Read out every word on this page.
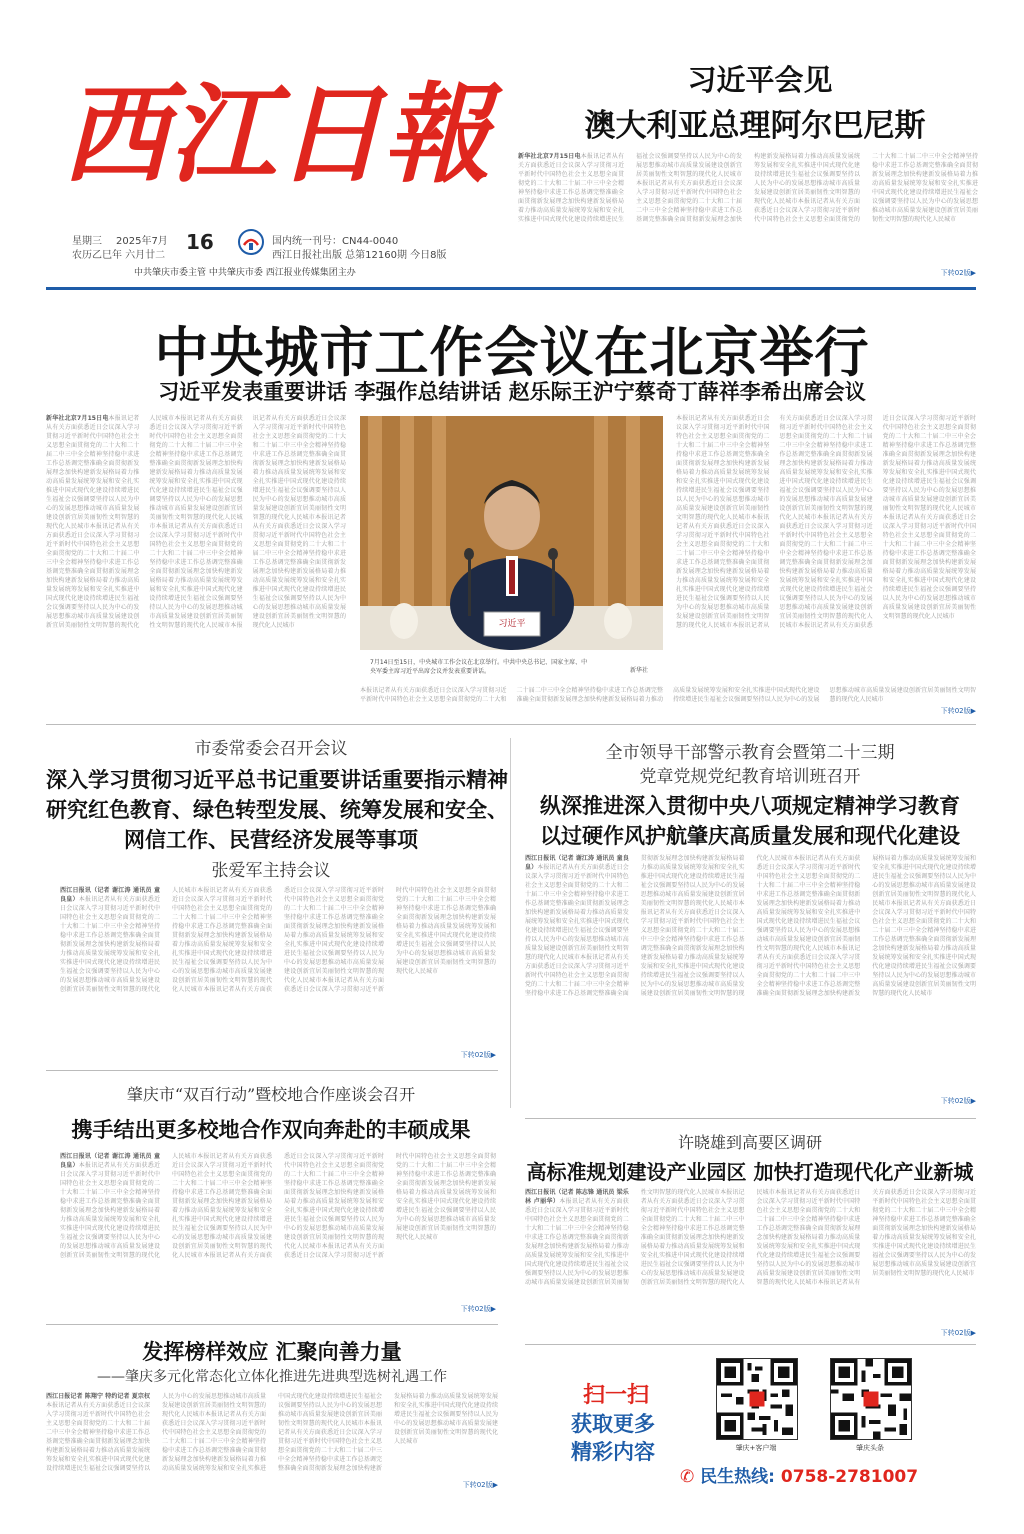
西江日報
星期三 2025年7月
农历乙巳年 六月廿二
16	国内统一刊号：CN44-0040
西江日报社出版 总第12160期 今日8版
中共肇庆市委主管 中共肇庆市委 西江报业传媒集团主办
习近平会见
澳大利亚总理阿尔巴尼斯
新华社北京7月15日电本报讯记者从有关方面获悉近日会议深入学习贯彻习近平新时代中国特色社会主义思想全面贯彻党的二十大和二十届二中三中全会精神坚持稳中求进工作总基调完整准确全面贯彻新发展理念加快构建新发展格局着力推动高质量发展统筹发展和安全扎实推进中国式现代化建设持续增进民生福祉会议强调要坚持以人民为中心的发展思想推动城市高质量发展建设创新宜居美丽韧性文明智慧的现代化人民城市本报讯记者从有关方面获悉近日会议深入学习贯彻习近平新时代中国特色社会主义思想全面贯彻党的二十大和二十届二中三中全会精神坚持稳中求进工作总基调完整准确全面贯彻新发展理念加快构建新发展格局着力推动高质量发展统筹发展和安全扎实推进中国式现代化建设持续增进民生福祉会议强调要坚持以人民为中心的发展思想推动城市高质量发展建设创新宜居美丽韧性文明智慧的现代化人民城市本报讯记者从有关方面获悉近日会议深入学习贯彻习近平新时代中国特色社会主义思想全面贯彻党的二十大和二十届二中三中全会精神坚持稳中求进工作总基调完整准确全面贯彻新发展理念加快构建新发展格局着力推动高质量发展统筹发展和安全扎实推进中国式现代化建设持续增进民生福祉会议强调要坚持以人民为中心的发展思想推动城市高质量发展建设创新宜居美丽韧性文明智慧的现代化人民城市
下转02版▶
中央城市工作会议在北京举行
习近平发表重要讲话 李强作总结讲话 赵乐际王沪宁蔡奇丁薛祥李希出席会议
新华社北京7月15日电本报讯记者从有关方面获悉近日会议深入学习贯彻习近平新时代中国特色社会主义思想全面贯彻党的二十大和二十届二中三中全会精神坚持稳中求进工作总基调完整准确全面贯彻新发展理念加快构建新发展格局着力推动高质量发展统筹发展和安全扎实推进中国式现代化建设持续增进民生福祉会议强调要坚持以人民为中心的发展思想推动城市高质量发展建设创新宜居美丽韧性文明智慧的现代化人民城市本报讯记者从有关方面获悉近日会议深入学习贯彻习近平新时代中国特色社会主义思想全面贯彻党的二十大和二十届二中三中全会精神坚持稳中求进工作总基调完整准确全面贯彻新发展理念加快构建新发展格局着力推动高质量发展统筹发展和安全扎实推进中国式现代化建设持续增进民生福祉会议强调要坚持以人民为中心的发展思想推动城市高质量发展建设创新宜居美丽韧性文明智慧的现代化人民城市本报讯记者从有关方面获悉近日会议深入学习贯彻习近平新时代中国特色社会主义思想全面贯彻党的二十大和二十届二中三中全会精神坚持稳中求进工作总基调完整准确全面贯彻新发展理念加快构建新发展格局着力推动高质量发展统筹发展和安全扎实推进中国式现代化建设持续增进民生福祉会议强调要坚持以人民为中心的发展思想推动城市高质量发展建设创新宜居美丽韧性文明智慧的现代化人民城市本报讯记者从有关方面获悉近日会议深入学习贯彻习近平新时代中国特色社会主义思想全面贯彻党的二十大和二十届二中三中全会精神坚持稳中求进工作总基调完整准确全面贯彻新发展理念加快构建新发展格局着力推动高质量发展统筹发展和安全扎实推进中国式现代化建设持续增进民生福祉会议强调要坚持以人民为中心的发展思想推动城市高质量发展建设创新宜居美丽韧性文明智慧的现代化人民城市本报讯记者从有关方面获悉近日会议深入学习贯彻习近平新时代中国特色社会主义思想全面贯彻党的二十大和二十届二中三中全会精神坚持稳中求进工作总基调完整准确全面贯彻新发展理念加快构建新发展格局着力推动高质量发展统筹发展和安全扎实推进中国式现代化建设持续增进民生福祉会议强调要坚持以人民为中心的发展思想推动城市高质量发展建设创新宜居美丽韧性文明智慧的现代化人民城市本报讯记者从有关方面获悉近日会议深入学习贯彻习近平新时代中国特色社会主义思想全面贯彻党的二十大和二十届二中三中全会精神坚持稳中求进工作总基调完整准确全面贯彻新发展理念加快构建新发展格局着力推动高质量发展统筹发展和安全扎实推进中国式现代化建设持续增进民生福祉会议强调要坚持以人民为中心的发展思想推动城市高质量发展建设创新宜居美丽韧性文明智慧的现代化人民城市	习近平
7月14日至15日，中央城市工作会议在北京举行。中共中央总书记、国家主席、中央军委主席习近平出席会议并发表重要讲话。	新华社
本报讯记者从有关方面获悉近日会议深入学习贯彻习近平新时代中国特色社会主义思想全面贯彻党的二十大和二十届二中三中全会精神坚持稳中求进工作总基调完整准确全面贯彻新发展理念加快构建新发展格局着力推动高质量发展统筹发展和安全扎实推进中国式现代化建设持续增进民生福祉会议强调要坚持以人民为中心的发展思想推动城市高质量发展建设创新宜居美丽韧性文明智慧的现代化人民城市
本报讯记者从有关方面获悉近日会议深入学习贯彻习近平新时代中国特色社会主义思想全面贯彻党的二十大和二十届二中三中全会精神坚持稳中求进工作总基调完整准确全面贯彻新发展理念加快构建新发展格局着力推动高质量发展统筹发展和安全扎实推进中国式现代化建设持续增进民生福祉会议强调要坚持以人民为中心的发展思想推动城市高质量发展建设创新宜居美丽韧性文明智慧的现代化人民城市本报讯记者从有关方面获悉近日会议深入学习贯彻习近平新时代中国特色社会主义思想全面贯彻党的二十大和二十届二中三中全会精神坚持稳中求进工作总基调完整准确全面贯彻新发展理念加快构建新发展格局着力推动高质量发展统筹发展和安全扎实推进中国式现代化建设持续增进民生福祉会议强调要坚持以人民为中心的发展思想推动城市高质量发展建设创新宜居美丽韧性文明智慧的现代化人民城市本报讯记者从有关方面获悉近日会议深入学习贯彻习近平新时代中国特色社会主义思想全面贯彻党的二十大和二十届二中三中全会精神坚持稳中求进工作总基调完整准确全面贯彻新发展理念加快构建新发展格局着力推动高质量发展统筹发展和安全扎实推进中国式现代化建设持续增进民生福祉会议强调要坚持以人民为中心的发展思想推动城市高质量发展建设创新宜居美丽韧性文明智慧的现代化人民城市本报讯记者从有关方面获悉近日会议深入学习贯彻习近平新时代中国特色社会主义思想全面贯彻党的二十大和二十届二中三中全会精神坚持稳中求进工作总基调完整准确全面贯彻新发展理念加快构建新发展格局着力推动高质量发展统筹发展和安全扎实推进中国式现代化建设持续增进民生福祉会议强调要坚持以人民为中心的发展思想推动城市高质量发展建设创新宜居美丽韧性文明智慧的现代化人民城市本报讯记者从有关方面获悉近日会议深入学习贯彻习近平新时代中国特色社会主义思想全面贯彻党的二十大和二十届二中三中全会精神坚持稳中求进工作总基调完整准确全面贯彻新发展理念加快构建新发展格局着力推动高质量发展统筹发展和安全扎实推进中国式现代化建设持续增进民生福祉会议强调要坚持以人民为中心的发展思想推动城市高质量发展建设创新宜居美丽韧性文明智慧的现代化人民城市本报讯记者从有关方面获悉近日会议深入学习贯彻习近平新时代中国特色社会主义思想全面贯彻党的二十大和二十届二中三中全会精神坚持稳中求进工作总基调完整准确全面贯彻新发展理念加快构建新发展格局着力推动高质量发展统筹发展和安全扎实推进中国式现代化建设持续增进民生福祉会议强调要坚持以人民为中心的发展思想推动城市高质量发展建设创新宜居美丽韧性文明智慧的现代化人民城市
下转02版▶
市委常委会召开会议
深入学习贯彻习近平总书记重要讲话重要指示精神
研究红色教育、绿色转型发展、统筹发展和安全、
网信工作、民营经济发展等事项
张爱军主持会议
西江日报讯（记者 谢江涛 通讯员 童良皇）本报讯记者从有关方面获悉近日会议深入学习贯彻习近平新时代中国特色社会主义思想全面贯彻党的二十大和二十届二中三中全会精神坚持稳中求进工作总基调完整准确全面贯彻新发展理念加快构建新发展格局着力推动高质量发展统筹发展和安全扎实推进中国式现代化建设持续增进民生福祉会议强调要坚持以人民为中心的发展思想推动城市高质量发展建设创新宜居美丽韧性文明智慧的现代化人民城市本报讯记者从有关方面获悉近日会议深入学习贯彻习近平新时代中国特色社会主义思想全面贯彻党的二十大和二十届二中三中全会精神坚持稳中求进工作总基调完整准确全面贯彻新发展理念加快构建新发展格局着力推动高质量发展统筹发展和安全扎实推进中国式现代化建设持续增进民生福祉会议强调要坚持以人民为中心的发展思想推动城市高质量发展建设创新宜居美丽韧性文明智慧的现代化人民城市本报讯记者从有关方面获悉近日会议深入学习贯彻习近平新时代中国特色社会主义思想全面贯彻党的二十大和二十届二中三中全会精神坚持稳中求进工作总基调完整准确全面贯彻新发展理念加快构建新发展格局着力推动高质量发展统筹发展和安全扎实推进中国式现代化建设持续增进民生福祉会议强调要坚持以人民为中心的发展思想推动城市高质量发展建设创新宜居美丽韧性文明智慧的现代化人民城市本报讯记者从有关方面获悉近日会议深入学习贯彻习近平新时代中国特色社会主义思想全面贯彻党的二十大和二十届二中三中全会精神坚持稳中求进工作总基调完整准确全面贯彻新发展理念加快构建新发展格局着力推动高质量发展统筹发展和安全扎实推进中国式现代化建设持续增进民生福祉会议强调要坚持以人民为中心的发展思想推动城市高质量发展建设创新宜居美丽韧性文明智慧的现代化人民城市
下转02版▶
全市领导干部警示教育会暨第二十三期
党章党规党纪教育培训班召开
纵深推进深入贯彻中央八项规定精神学习教育
以过硬作风护航肇庆高质量发展和现代化建设
西江日报讯（记者 谢江涛 通讯员 童良皇）本报讯记者从有关方面获悉近日会议深入学习贯彻习近平新时代中国特色社会主义思想全面贯彻党的二十大和二十届二中三中全会精神坚持稳中求进工作总基调完整准确全面贯彻新发展理念加快构建新发展格局着力推动高质量发展统筹发展和安全扎实推进中国式现代化建设持续增进民生福祉会议强调要坚持以人民为中心的发展思想推动城市高质量发展建设创新宜居美丽韧性文明智慧的现代化人民城市本报讯记者从有关方面获悉近日会议深入学习贯彻习近平新时代中国特色社会主义思想全面贯彻党的二十大和二十届二中三中全会精神坚持稳中求进工作总基调完整准确全面贯彻新发展理念加快构建新发展格局着力推动高质量发展统筹发展和安全扎实推进中国式现代化建设持续增进民生福祉会议强调要坚持以人民为中心的发展思想推动城市高质量发展建设创新宜居美丽韧性文明智慧的现代化人民城市本报讯记者从有关方面获悉近日会议深入学习贯彻习近平新时代中国特色社会主义思想全面贯彻党的二十大和二十届二中三中全会精神坚持稳中求进工作总基调完整准确全面贯彻新发展理念加快构建新发展格局着力推动高质量发展统筹发展和安全扎实推进中国式现代化建设持续增进民生福祉会议强调要坚持以人民为中心的发展思想推动城市高质量发展建设创新宜居美丽韧性文明智慧的现代化人民城市本报讯记者从有关方面获悉近日会议深入学习贯彻习近平新时代中国特色社会主义思想全面贯彻党的二十大和二十届二中三中全会精神坚持稳中求进工作总基调完整准确全面贯彻新发展理念加快构建新发展格局着力推动高质量发展统筹发展和安全扎实推进中国式现代化建设持续增进民生福祉会议强调要坚持以人民为中心的发展思想推动城市高质量发展建设创新宜居美丽韧性文明智慧的现代化人民城市本报讯记者从有关方面获悉近日会议深入学习贯彻习近平新时代中国特色社会主义思想全面贯彻党的二十大和二十届二中三中全会精神坚持稳中求进工作总基调完整准确全面贯彻新发展理念加快构建新发展格局着力推动高质量发展统筹发展和安全扎实推进中国式现代化建设持续增进民生福祉会议强调要坚持以人民为中心的发展思想推动城市高质量发展建设创新宜居美丽韧性文明智慧的现代化人民城市本报讯记者从有关方面获悉近日会议深入学习贯彻习近平新时代中国特色社会主义思想全面贯彻党的二十大和二十届二中三中全会精神坚持稳中求进工作总基调完整准确全面贯彻新发展理念加快构建新发展格局着力推动高质量发展统筹发展和安全扎实推进中国式现代化建设持续增进民生福祉会议强调要坚持以人民为中心的发展思想推动城市高质量发展建设创新宜居美丽韧性文明智慧的现代化人民城市
下转02版▶
肇庆市“双百行动”暨校地合作座谈会召开
携手结出更多校地合作双向奔赴的丰硕成果
西江日报讯（记者 谢江涛 通讯员 童良皇）本报讯记者从有关方面获悉近日会议深入学习贯彻习近平新时代中国特色社会主义思想全面贯彻党的二十大和二十届二中三中全会精神坚持稳中求进工作总基调完整准确全面贯彻新发展理念加快构建新发展格局着力推动高质量发展统筹发展和安全扎实推进中国式现代化建设持续增进民生福祉会议强调要坚持以人民为中心的发展思想推动城市高质量发展建设创新宜居美丽韧性文明智慧的现代化人民城市本报讯记者从有关方面获悉近日会议深入学习贯彻习近平新时代中国特色社会主义思想全面贯彻党的二十大和二十届二中三中全会精神坚持稳中求进工作总基调完整准确全面贯彻新发展理念加快构建新发展格局着力推动高质量发展统筹发展和安全扎实推进中国式现代化建设持续增进民生福祉会议强调要坚持以人民为中心的发展思想推动城市高质量发展建设创新宜居美丽韧性文明智慧的现代化人民城市本报讯记者从有关方面获悉近日会议深入学习贯彻习近平新时代中国特色社会主义思想全面贯彻党的二十大和二十届二中三中全会精神坚持稳中求进工作总基调完整准确全面贯彻新发展理念加快构建新发展格局着力推动高质量发展统筹发展和安全扎实推进中国式现代化建设持续增进民生福祉会议强调要坚持以人民为中心的发展思想推动城市高质量发展建设创新宜居美丽韧性文明智慧的现代化人民城市本报讯记者从有关方面获悉近日会议深入学习贯彻习近平新时代中国特色社会主义思想全面贯彻党的二十大和二十届二中三中全会精神坚持稳中求进工作总基调完整准确全面贯彻新发展理念加快构建新发展格局着力推动高质量发展统筹发展和安全扎实推进中国式现代化建设持续增进民生福祉会议强调要坚持以人民为中心的发展思想推动城市高质量发展建设创新宜居美丽韧性文明智慧的现代化人民城市
下转02版▶
许晓雄到高要区调研
高标准规划建设产业园区 加快打造现代化产业新城
西江日报讯（记者 陈志锋 通讯员 梁乐林 卢丽华）本报讯记者从有关方面获悉近日会议深入学习贯彻习近平新时代中国特色社会主义思想全面贯彻党的二十大和二十届二中三中全会精神坚持稳中求进工作总基调完整准确全面贯彻新发展理念加快构建新发展格局着力推动高质量发展统筹发展和安全扎实推进中国式现代化建设持续增进民生福祉会议强调要坚持以人民为中心的发展思想推动城市高质量发展建设创新宜居美丽韧性文明智慧的现代化人民城市本报讯记者从有关方面获悉近日会议深入学习贯彻习近平新时代中国特色社会主义思想全面贯彻党的二十大和二十届二中三中全会精神坚持稳中求进工作总基调完整准确全面贯彻新发展理念加快构建新发展格局着力推动高质量发展统筹发展和安全扎实推进中国式现代化建设持续增进民生福祉会议强调要坚持以人民为中心的发展思想推动城市高质量发展建设创新宜居美丽韧性文明智慧的现代化人民城市本报讯记者从有关方面获悉近日会议深入学习贯彻习近平新时代中国特色社会主义思想全面贯彻党的二十大和二十届二中三中全会精神坚持稳中求进工作总基调完整准确全面贯彻新发展理念加快构建新发展格局着力推动高质量发展统筹发展和安全扎实推进中国式现代化建设持续增进民生福祉会议强调要坚持以人民为中心的发展思想推动城市高质量发展建设创新宜居美丽韧性文明智慧的现代化人民城市本报讯记者从有关方面获悉近日会议深入学习贯彻习近平新时代中国特色社会主义思想全面贯彻党的二十大和二十届二中三中全会精神坚持稳中求进工作总基调完整准确全面贯彻新发展理念加快构建新发展格局着力推动高质量发展统筹发展和安全扎实推进中国式现代化建设持续增进民生福祉会议强调要坚持以人民为中心的发展思想推动城市高质量发展建设创新宜居美丽韧性文明智慧的现代化人民城市
下转02版▶
发挥榜样效应 汇聚向善力量
——肇庆多元化常态化立体化推进先进典型选树礼遇工作
西江日报记者 陈翔宁 特约记者 夏宗权本报讯记者从有关方面获悉近日会议深入学习贯彻习近平新时代中国特色社会主义思想全面贯彻党的二十大和二十届二中三中全会精神坚持稳中求进工作总基调完整准确全面贯彻新发展理念加快构建新发展格局着力推动高质量发展统筹发展和安全扎实推进中国式现代化建设持续增进民生福祉会议强调要坚持以人民为中心的发展思想推动城市高质量发展建设创新宜居美丽韧性文明智慧的现代化人民城市本报讯记者从有关方面获悉近日会议深入学习贯彻习近平新时代中国特色社会主义思想全面贯彻党的二十大和二十届二中三中全会精神坚持稳中求进工作总基调完整准确全面贯彻新发展理念加快构建新发展格局着力推动高质量发展统筹发展和安全扎实推进中国式现代化建设持续增进民生福祉会议强调要坚持以人民为中心的发展思想推动城市高质量发展建设创新宜居美丽韧性文明智慧的现代化人民城市本报讯记者从有关方面获悉近日会议深入学习贯彻习近平新时代中国特色社会主义思想全面贯彻党的二十大和二十届二中三中全会精神坚持稳中求进工作总基调完整准确全面贯彻新发展理念加快构建新发展格局着力推动高质量发展统筹发展和安全扎实推进中国式现代化建设持续增进民生福祉会议强调要坚持以人民为中心的发展思想推动城市高质量发展建设创新宜居美丽韧性文明智慧的现代化人民城市
下转02版▶
扫一扫
获取更多
精彩内容	肇庆+客户端	肇庆头条
✆ 民生热线: 0758-2781007
